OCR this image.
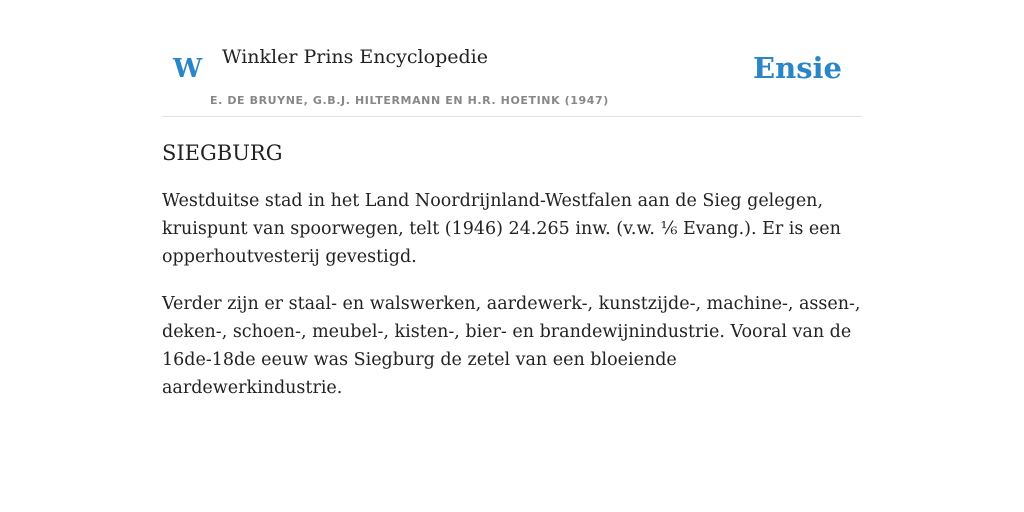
W Winkler Prins Encyclopedie
E. DE BRUYNE, G.B.J. HILTERMANN EN H.R. HOETINK (1947)
Ensie
SIEGBURG

Westduitse stad in het Land Noordrijnland-Westfalen aan de Sieg gelegen, kruispunt van spoorwegen, telt (1946) 24.265 inw. (v.w. ⅙ Evang.). Er is een opperhoutvesterij gevestigd.

Verder zijn er staal- en walswerken, aardewerk-, kunstzijde-, machine-, assen-, deken-, schoen-, meubel-, kisten-, bier- en brandewijnindustrie. Vooral van de 16de-18de eeuw was Siegburg de zetel van een bloeiende aardewerkindustrie.
